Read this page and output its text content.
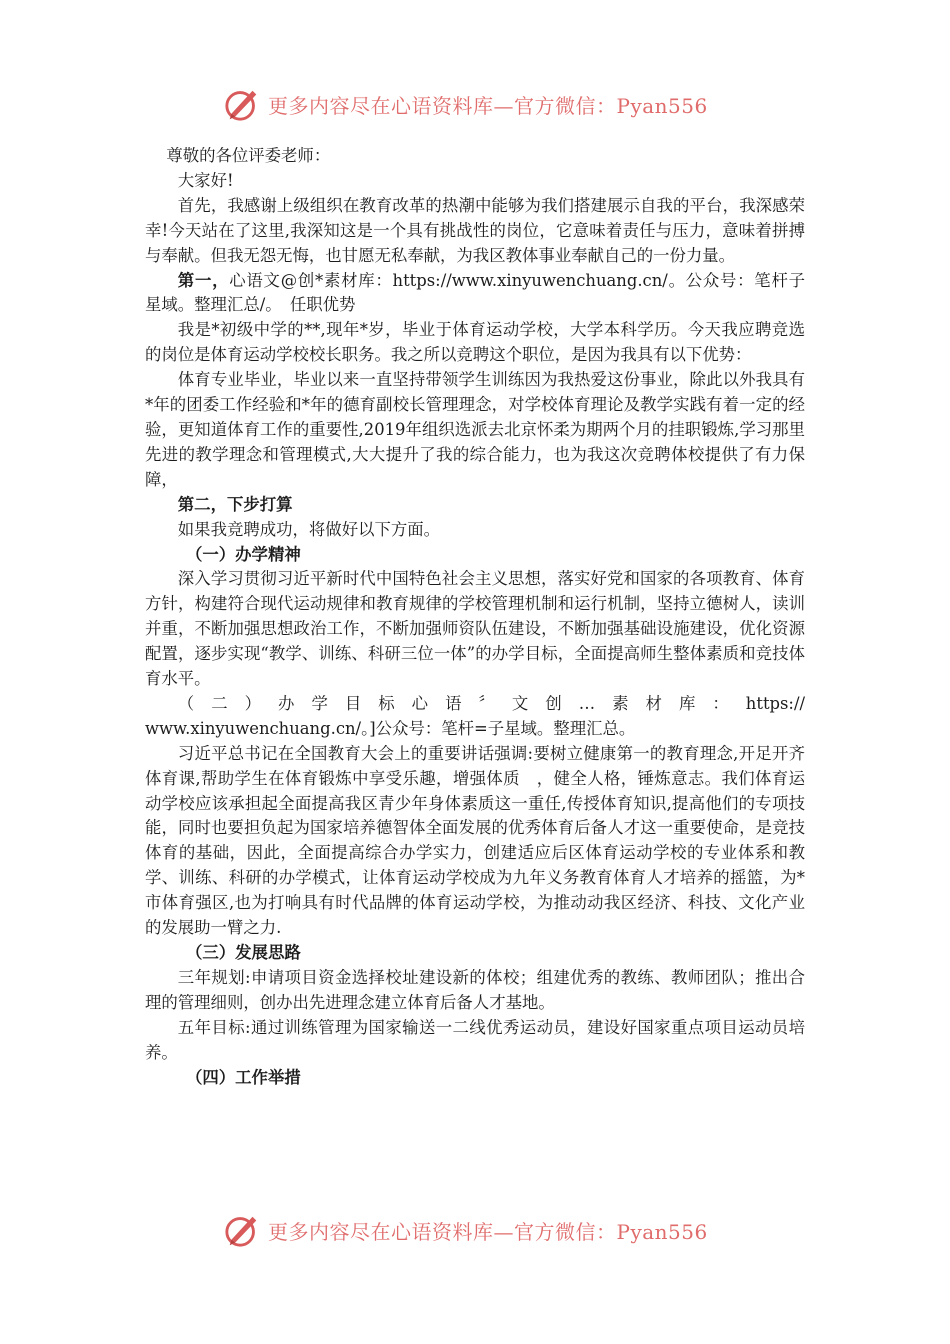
更多内容尽在心语资料库—官方微信：Pyan556

尊敬的各位评委老师：

大家好!

首先，我感谢上级组织在教育改革的热潮中能够为我们搭建展示自我的平台，我深感荣幸!今天站在了这里,我深知这是一个具有挑战性的岗位，它意味着责任与压力，意味着拼搏与奉献。但我无怨无悔，也甘愿无私奉献，为我区教体事业奉献自己的一份力量。

第一，心语文@创*素材库：https://www.xinyuwenchuang.cn/。公众号：笔杆子星域。整理汇总/。　任职优势

我是*初级中学的**,现年*岁，毕业于体育运动学校，大学本科学历。今天我应聘竞选的岗位是体育运动学校校长职务。我之所以竞聘这个职位，是因为我具有以下优势：

体育专业毕业，毕业以来一直坚持带领学生训练因为我热爱这份事业，除此以外我具有*年的团委工作经验和*年的德育副校长管理理念，对学校体育理论及教学实践有着一定的经验，更知道体育工作的重要性,2019年组织选派去北京怀柔为期两个月的挂职锻炼,学习那里先进的教学理念和管理模式,大大提升了我的综合能力，也为我这次竞聘体校提供了有力保障，

第二，下步打算

如果我竞聘成功，将做好以下方面。

（一）办学精神

深入学习贯彻习近平新时代中国特色社会主义思想，落实好党和国家的各项教育、体育方针，构建符合现代运动规律和教育规律的学校管理机制和运行机制，坚持立德树人，读训并重，不断加强思想政治工作，不断加强师资队伍建设，不断加强基础设施建设，优化资源配置，逐步实现“教学、训练、科研三位一体”的办学目标，全面提高师生整体素质和竞技体育水平。

（二）办学目标心语〞文创…素材库：https://

www.xinyuwenchuang.cn/。]公众号：笔杆=子星域。整理汇总。

习近平总书记在全国教育大会上的重要讲话强调:要树立健康第一的教育理念,开足开齐体育课,帮助学生在体育锻炼中享受乐趣，增强体质　，健全人格，锤炼意志。我们体育运动学校应该承担起全面提高我区青少年身体素质这一重任,传授体育知识,提高他们的专项技能，同时也要担负起为国家培养德智体全面发展的优秀体育后备人才这一重要使命，是竞技体育的基础，因此，全面提高综合办学实力，创建适应后区体育运动学校的专业体系和教学、训练、科研的办学模式，让体育运动学校成为九年义务教育体育人才培养的摇篮，为*市体育强区,也为打响具有时代品牌的体育运动学校，为推动动我区经济、科技、文化产业的发展助一臂之力.

（三）发展思路

三年规划:申请项目资金选择校址建设新的体校；组建优秀的教练、教师团队；推出合理的管理细则，创办出先进理念建立体育后备人才基地。

五年目标:通过训练管理为国家输送一二线优秀运动员，建设好国家重点项目运动员培养。

（四）工作举措

更多内容尽在心语资料库—官方微信：Pyan556
